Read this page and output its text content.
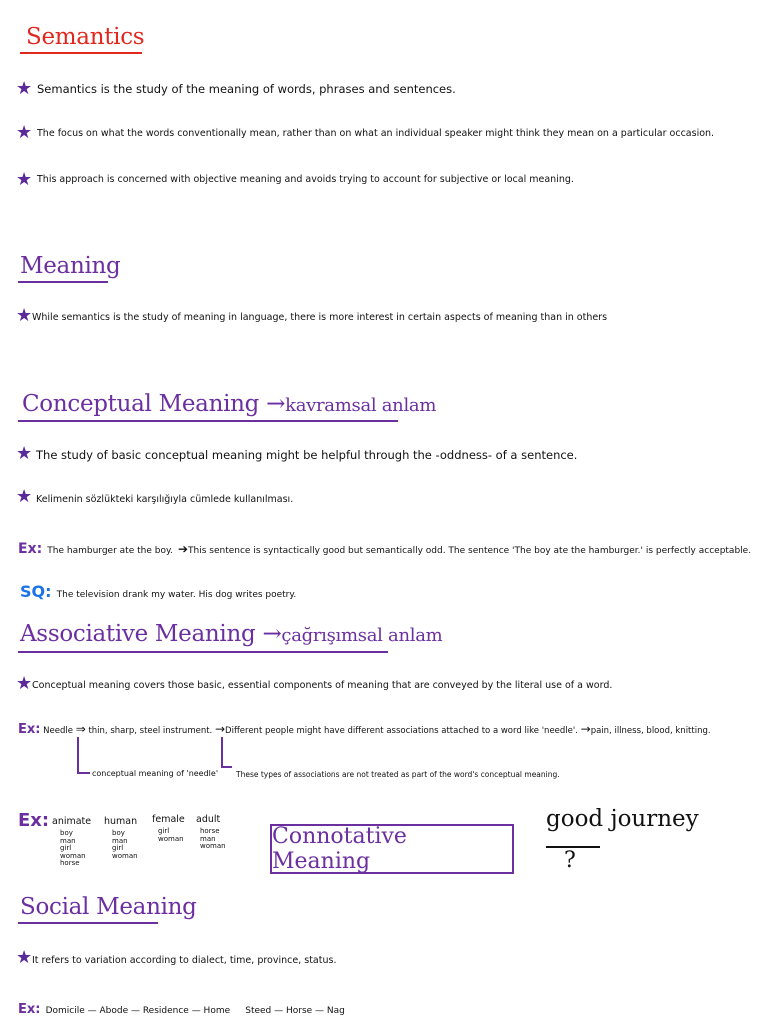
Semantics
★ Semantics is the study of the meaning of words, phrases and sentences.
★ The focus on what the words conventionally mean, rather than on what an individual speaker might think they mean on a particular occasion.
★ This approach is concerned with objective meaning and avoids trying to account for subjective or local meaning.
Meaning
★ While semantics is the study of meaning in language, there is more interest in certain aspects of meaning than in others
Conceptual Meaning →kavramsal anlam
★ The study of basic conceptual meaning might be helpful through the -oddness- of a sentence.
★ Kelimenin sözlükteki karşılığıyla cümlede kullanılması.
Ex: The hamburger ate the boy. ➔This sentence is syntactically good but semantically odd. The sentence 'The boy ate the hamburger.' is perfectly acceptable.
SQ: The television drank my water. His dog writes poetry.
Associative Meaning →çağrışımsal anlam
★ Conceptual meaning covers those basic, essential components of meaning that are conveyed by the literal use of a word.
Ex: Needle ⇒ thin, sharp, steel instrument. →Different people might have different associations attached to a word like 'needle'. →pain, illness, blood, knitting.
conceptual meaning of 'needle' These types of associations are not treated as part of the word's conceptual meaning.
Ex: animate
boy
man
girl
woman
horse
human
boy
man
girl
woman
female
girl
woman
adult
horse
man
woman Connotative Meaning
good journey
?
Social Meaning
★ It refers to variation according to dialect, time, province, status.
Ex: Domicile — Abode — Residence — Home Steed — Horse — Nag
